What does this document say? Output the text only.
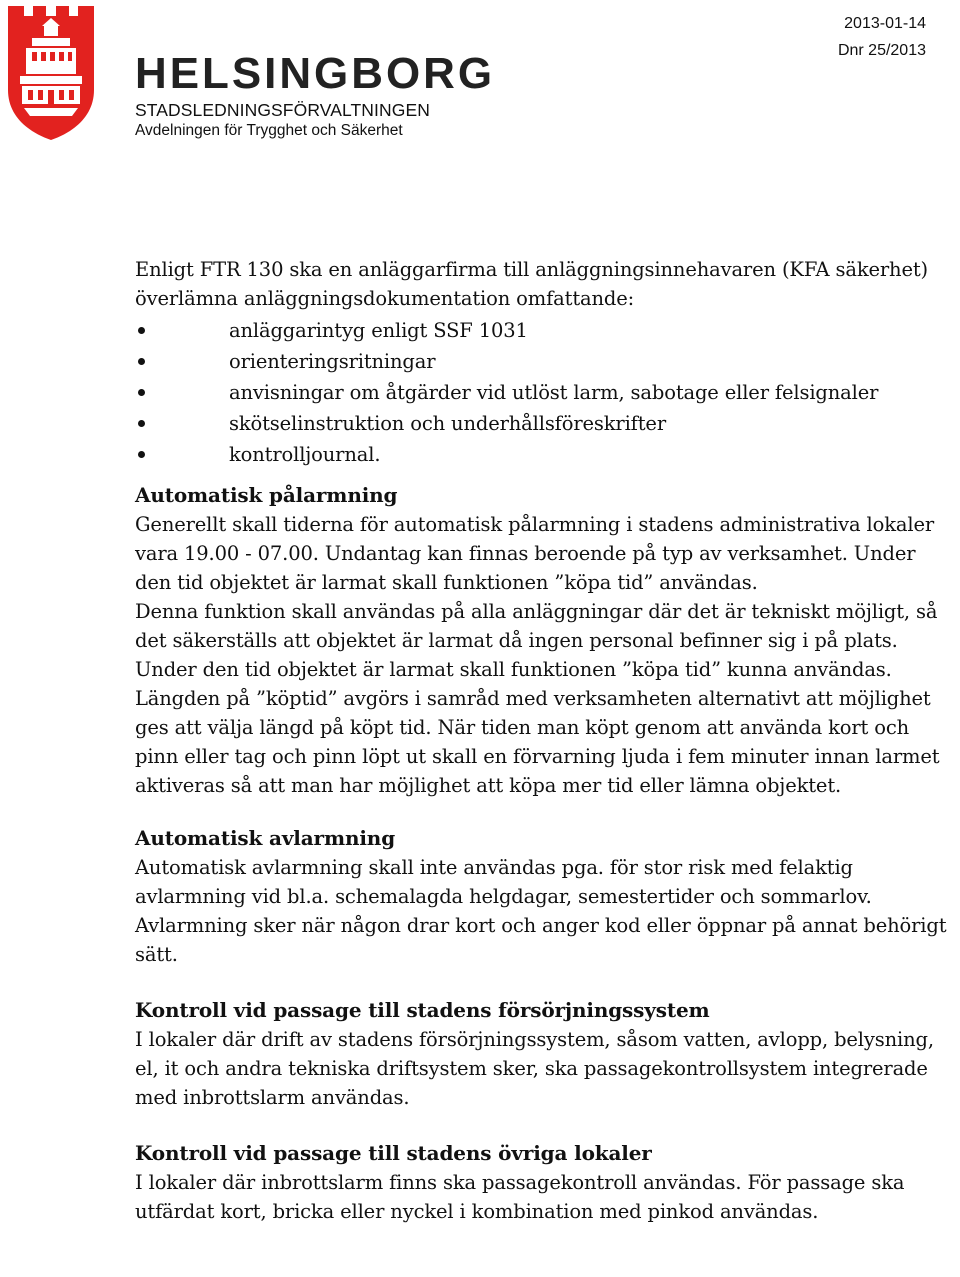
2013-01-14
Dnr 25/2013
HELSINGBORG
STADSLEDNINGSFÖRVALTNINGEN
Avdelningen för Trygghet och Säkerhet

Enligt FTR 130 ska en anläggarfirma till anläggningsinnehavaren (KFA säkerhet) överlämna anläggningsdokumentation omfattande:

anläggarintyg enligt SSF 1031
orienteringsritningar
anvisningar om åtgärder vid utlöst larm, sabotage eller felsignaler
skötselinstruktion och underhållsföreskrifter
kontrolljournal.
Automatisk pålarmning

Generellt skall tiderna för automatisk pålarmning i stadens administrativa lokaler vara 19.00 - 07.00. Undantag kan finnas beroende på typ av verksamhet. Under den tid objektet är larmat skall funktionen ”köpa tid” användas.

Denna funktion skall användas på alla anläggningar där det är tekniskt möjligt, så det säkerställs att objektet är larmat då ingen personal befinner sig i på plats. Under den tid objektet är larmat skall funktionen ”köpa tid” kunna användas. Längden på ”köptid” avgörs i samråd med verksamheten alternativt att möjlighet ges att välja längd på köpt tid. När tiden man köpt genom att använda kort och pinn eller tag och pinn löpt ut skall en förvarning ljuda i fem minuter innan larmet aktiveras så att man har möjlighet att köpa mer tid eller lämna objektet.

Automatisk avlarmning

Automatisk avlarmning skall inte användas pga. för stor risk med felaktig avlarmning vid bl.a. schemalagda helgdagar, semestertider och sommarlov. Avlarmning sker när någon drar kort och anger kod eller öppnar på annat behörigt sätt.

Kontroll vid passage till stadens försörjningssystem

I lokaler där drift av stadens försörjningssystem, såsom vatten, avlopp, belysning, el, it och andra tekniska driftsystem sker, ska passagekontrollsystem integrerade med inbrottslarm användas.

Kontroll vid passage till stadens övriga lokaler

I lokaler där inbrottslarm finns ska passagekontroll användas. För passage ska utfärdat kort, bricka eller nyckel i kombination med pinkod användas.
